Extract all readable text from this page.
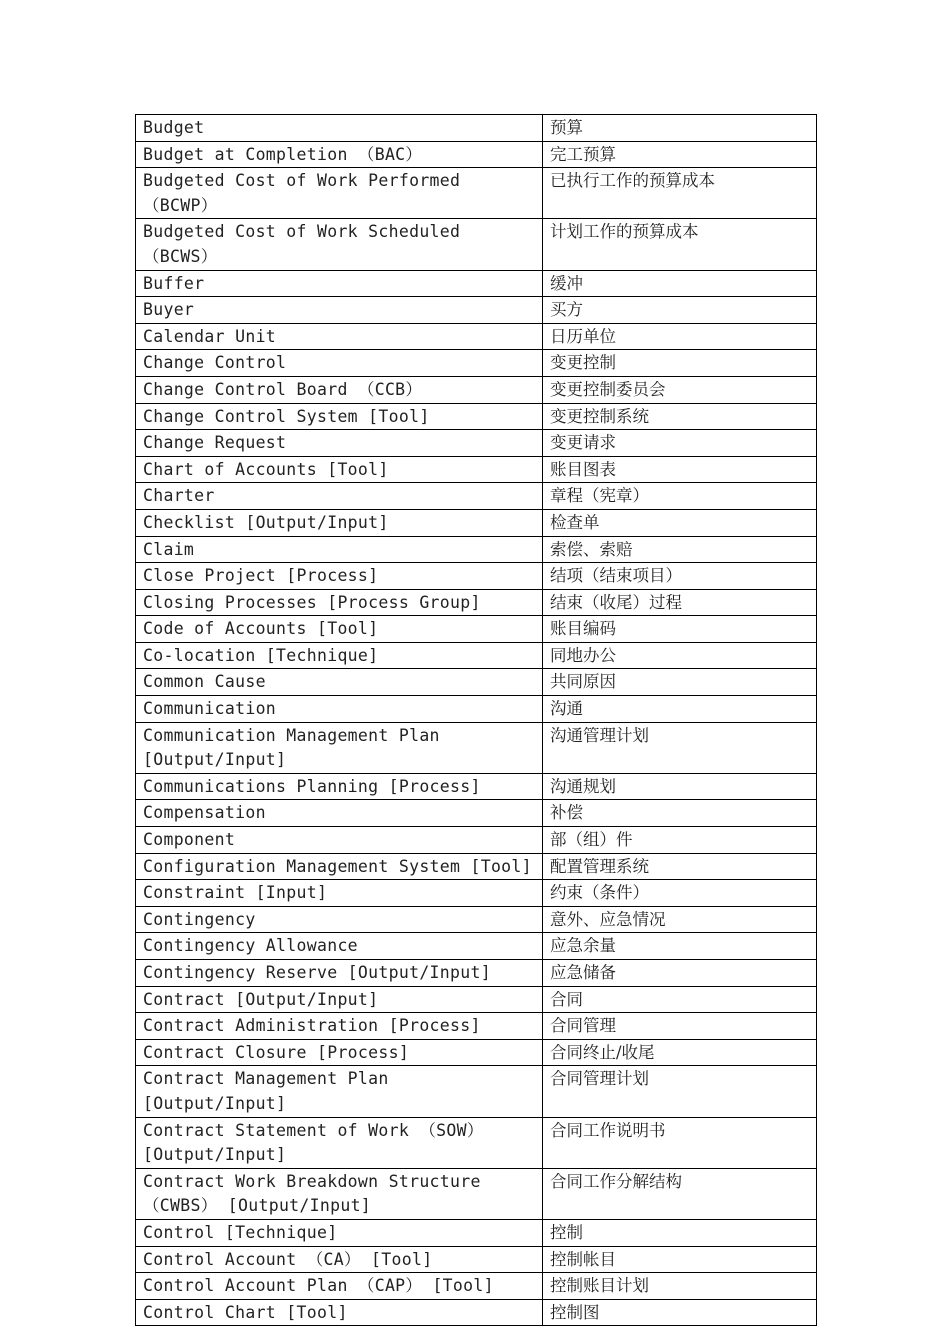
Budget	预算
Budget at Completion （BAC）	完工预算
Budgeted Cost of Work Performed （BCWP）	已执行工作的预算成本
Budgeted Cost of Work Scheduled （BCWS）	计划工作的预算成本
Buffer	缓冲
Buyer	买方
Calendar Unit	日历单位
Change Control	变更控制
Change Control Board （CCB）	变更控制委员会
Change Control System [Tool]	变更控制系统
Change Request	变更请求
Chart of Accounts [Tool]	账目图表
Charter	章程（宪章）
Checklist [Output/Input]	检查单
Claim	索偿、索赔
Close Project [Process]	结项（结束项目）
Closing Processes [Process Group]	结束（收尾）过程
Code of Accounts [Tool]	账目编码
Co-location [Technique]	同地办公
Common Cause	共同原因
Communication	沟通
Communication Management Plan [Output/Input]	沟通管理计划
Communications Planning [Process]	沟通规划
Compensation	补偿
Component	部（组）件
Configuration Management System [Tool]	配置管理系统
Constraint [Input]	约束（条件）
Contingency	意外、应急情况
Contingency Allowance	应急余量
Contingency Reserve [Output/Input]	应急储备
Contract [Output/Input]	合同
Contract Administration [Process]	合同管理
Contract Closure [Process]	合同终止/收尾
Contract Management Plan [Output/Input]	合同管理计划
Contract Statement of Work （SOW） [Output/Input]	合同工作说明书
Contract Work Breakdown Structure （CWBS） [Output/Input]	合同工作分解结构
Control [Technique]	控制
Control Account （CA） [Tool]	控制帐目
Control Account Plan （CAP） [Tool]	控制账目计划
Control Chart [Tool]	控制图
